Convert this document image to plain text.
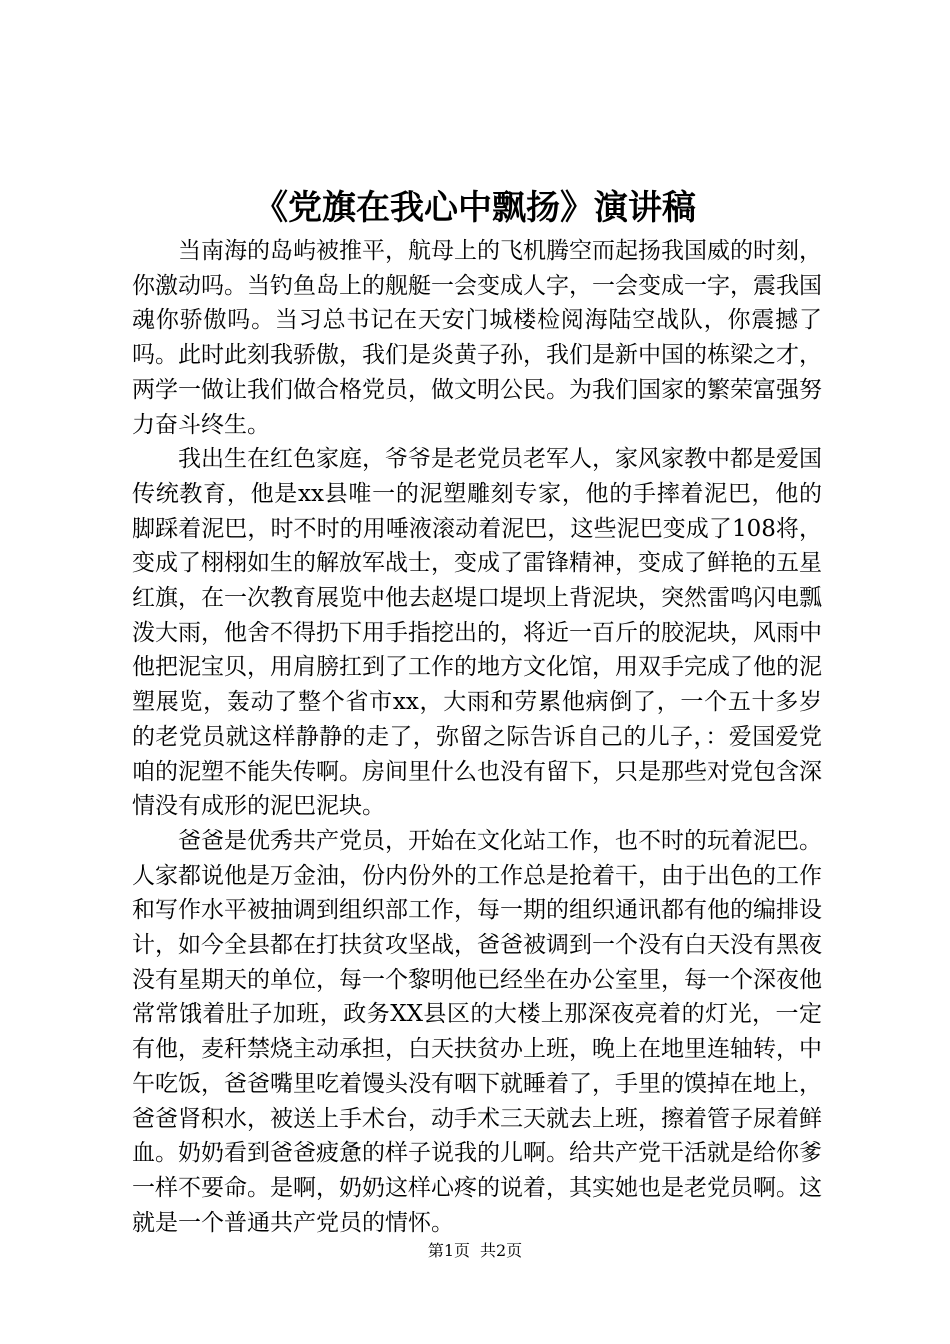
《党旗在我心中飘扬》演讲稿

当南海的岛屿被推平，航母上的飞机腾空而起扬我国威的时刻，你激动吗。当钓鱼岛上的舰艇一会变成人字，一会变成一字，震我国魂你骄傲吗。当习总书记在天安门城楼检阅海陆空战队，你震撼了吗。此时此刻我骄傲，我们是炎黄子孙，我们是新中国的栋梁之才，两学一做让我们做合格党员，做文明公民。为我们国家的繁荣富强努力奋斗终生。

我出生在红色家庭，爷爷是老党员老军人，家风家教中都是爱国传统教育，他是xx县唯一的泥塑雕刻专家，他的手摔着泥巴，他的脚踩着泥巴，时不时的用唾液滚动着泥巴，这些泥巴变成了108将，变成了栩栩如生的解放军战士，变成了雷锋精神，变成了鲜艳的五星红旗，在一次教育展览中他去赵堤口堤坝上背泥块，突然雷鸣闪电瓢泼大雨，他舍不得扔下用手指挖出的，将近一百斤的胶泥块，风雨中他把泥宝贝，用肩膀扛到了工作的地方文化馆，用双手完成了他的泥塑展览，轰动了整个省市xx，大雨和劳累他病倒了，一个五十多岁的老党员就这样静静的走了，弥留之际告诉自己的儿子，：爱国爱党咱的泥塑不能失传啊。房间里什么也没有留下，只是那些对党包含深情没有成形的泥巴泥块。

爸爸是优秀共产党员，开始在文化站工作，也不时的玩着泥巴。人家都说他是万金油，份内份外的工作总是抢着干，由于出色的工作和写作水平被抽调到组织部工作，每一期的组织通讯都有他的编排设计，如今全县都在打扶贫攻坚战，爸爸被调到一个没有白天没有黑夜没有星期天的单位，每一个黎明他已经坐在办公室里，每一个深夜他常常饿着肚子加班，政务XX县区的大楼上那深夜亮着的灯光，一定有他，麦秆禁烧主动承担，白天扶贫办上班，晚上在地里连轴转，中午吃饭，爸爸嘴里吃着馒头没有咽下就睡着了，手里的馍掉在地上，爸爸肾积水，被送上手术台，动手术三天就去上班，擦着管子尿着鲜血。奶奶看到爸爸疲惫的样子说我的儿啊。给共产党干活就是给你爹一样不要命。是啊，奶奶这样心疼的说着，其实她也是老党员啊。这就是一个普通共产党员的情怀。

第1页 共2页
